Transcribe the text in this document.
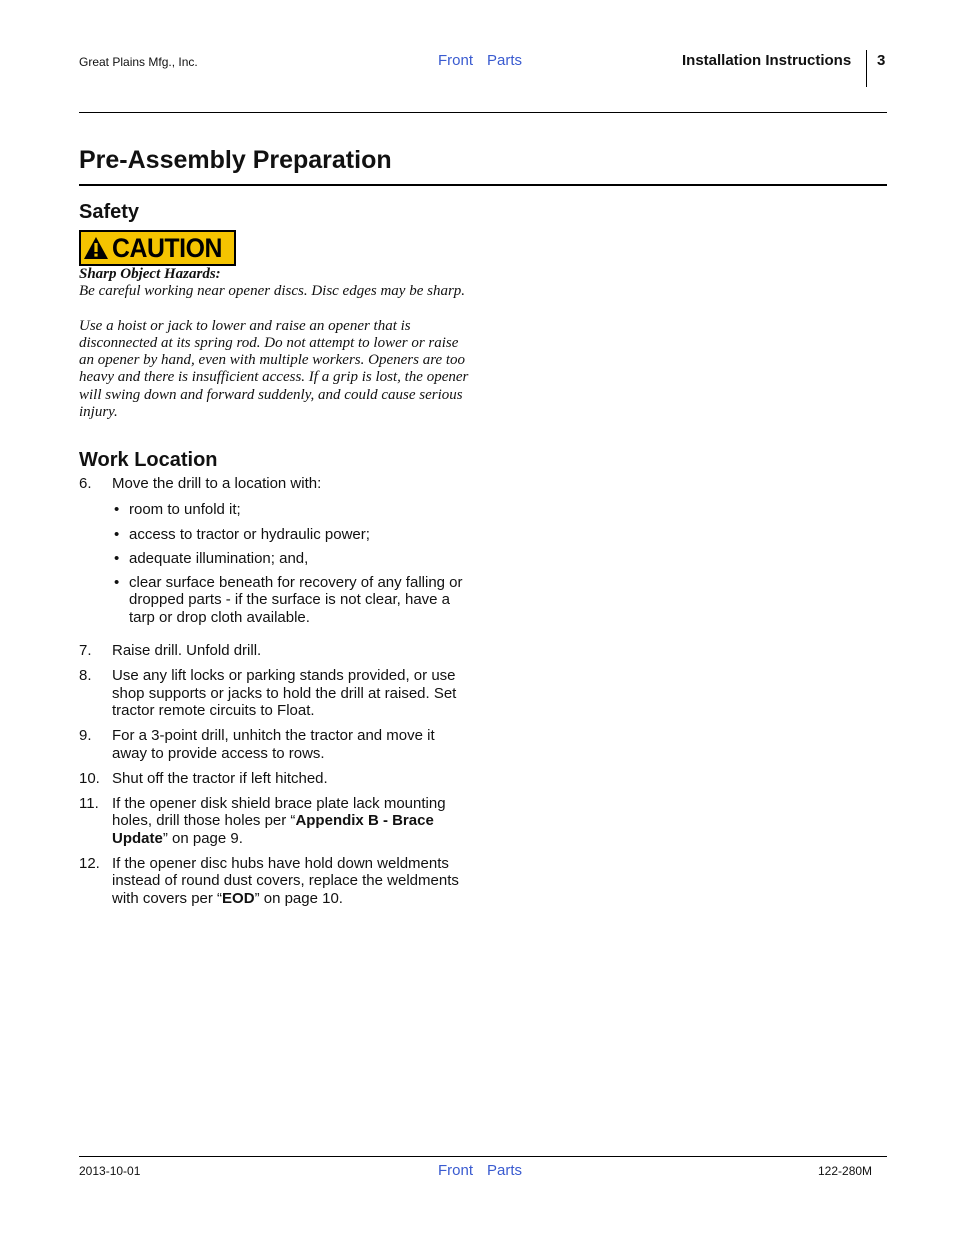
Great Plains Mfg., Inc.	Front Parts	Installation Instructions 3
Pre-Assembly Preparation
Safety
CAUTION

Sharp Object Hazards:

Be careful working near opener discs. Disc edges may be sharp.

Use a hoist or jack to lower and raise an opener that is disconnected at its spring rod. Do not attempt to lower or raise an opener by hand, even with multiple workers. Openers are too heavy and there is insufficient access. If a grip is lost, the opener will swing down and forward suddenly, and could cause serious injury.

Work Location
6. Move the drill to a location with:
• room to unfold it;
• access to tractor or hydraulic power;
• adequate illumination; and,
• clear surface beneath for recovery of any falling or dropped parts - if the surface is not clear, have a tarp or drop cloth available.
7. Raise drill. Unfold drill.
8. Use any lift locks or parking stands provided, or use shop supports or jacks to hold the drill at raised. Set tractor remote circuits to Float.
9. For a 3-point drill, unhitch the tractor and move it away to provide access to rows.
10. Shut off the tractor if left hitched.
11. If the opener disk shield brace plate lack mounting holes, drill those holes per “Appendix B - Brace Update” on page 9.
12. If the opener disc hubs have hold down weldments instead of round dust covers, replace the weldments with covers per “EOD” on page 10.
2013-10-01	Front Parts	122-280M
